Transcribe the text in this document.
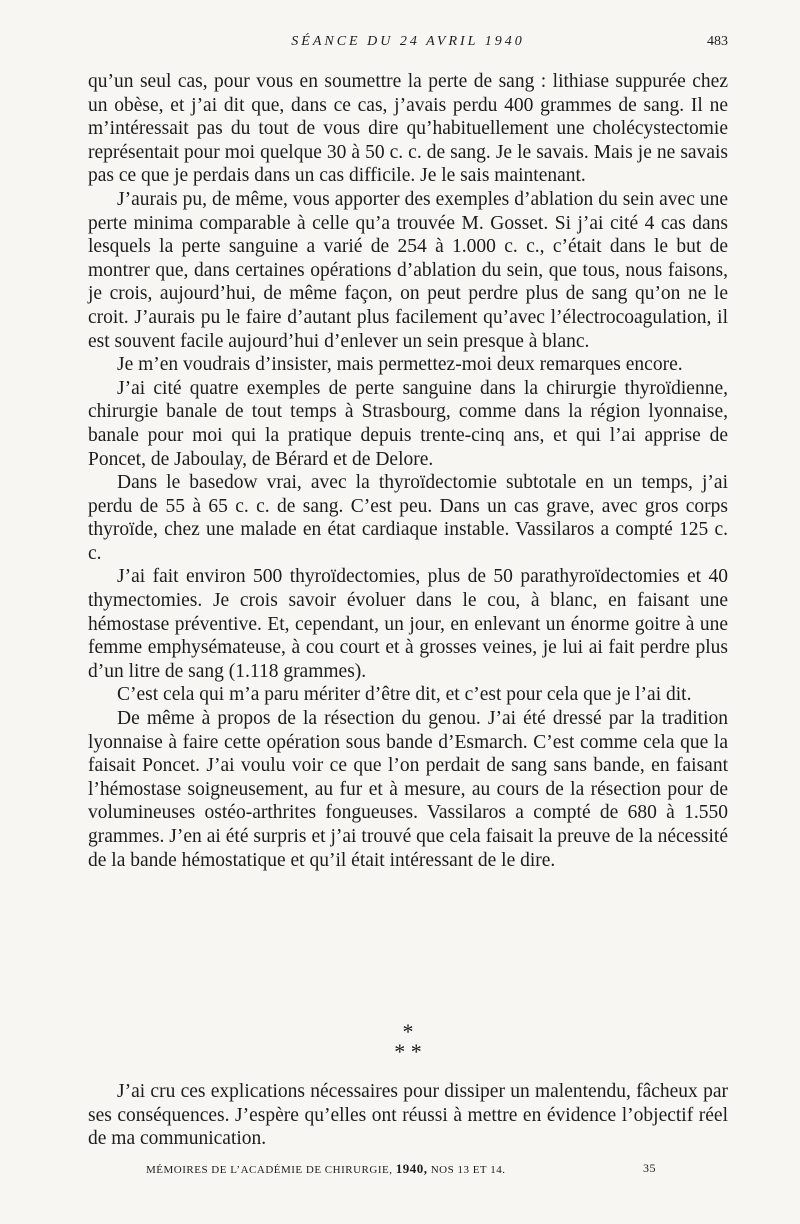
SÉANCE DU 24 AVRIL 1940	483

qu’un seul cas, pour vous en soumettre la perte de sang : lithiase suppurée chez un obèse, et j’ai dit que, dans ce cas, j’avais perdu 400 grammes de sang. Il ne m’intéressait pas du tout de vous dire qu’habituellement une cholécystectomie représentait pour moi quelque 30 à 50 c. c. de sang. Je le savais. Mais je ne savais pas ce que je perdais dans un cas difficile. Je le sais maintenant.

J’aurais pu, de même, vous apporter des exemples d’ablation du sein avec une perte minima comparable à celle qu’a trouvée M. Gosset. Si j’ai cité 4 cas dans lesquels la perte sanguine a varié de 254 à 1.000 c. c., c’était dans le but de montrer que, dans certaines opérations d’ablation du sein, que tous, nous faisons, je crois, aujourd’hui, de même façon, on peut perdre plus de sang qu’on ne le croit. J’aurais pu le faire d’autant plus facilement qu’avec l’électrocoagulation, il est souvent facile aujourd’hui d’enlever un sein presque à blanc.

Je m’en voudrais d’insister, mais permettez-moi deux remarques encore.

J’ai cité quatre exemples de perte sanguine dans la chirurgie thyroïdienne, chirurgie banale de tout temps à Strasbourg, comme dans la région lyonnaise, banale pour moi qui la pratique depuis trente-cinq ans, et qui l’ai apprise de Poncet, de Jaboulay, de Bérard et de Delore.

Dans le basedow vrai, avec la thyroïdectomie subtotale en un temps, j’ai perdu de 55 à 65 c. c. de sang. C’est peu. Dans un cas grave, avec gros corps thyroïde, chez une malade en état cardiaque instable. Vassilaros a compté 125 c. c.

J’ai fait environ 500 thyroïdectomies, plus de 50 parathyroïdectomies et 40 thymectomies. Je crois savoir évoluer dans le cou, à blanc, en faisant une hémostase préventive. Et, cependant, un jour, en enlevant un énorme goitre à une femme emphysémateuse, à cou court et à grosses veines, je lui ai fait perdre plus d’un litre de sang (1.118 grammes).

C’est cela qui m’a paru mériter d’être dit, et c’est pour cela que je l’ai dit.

De même à propos de la résection du genou. J’ai été dressé par la tradition lyonnaise à faire cette opération sous bande d’Esmarch. C’est comme cela que la faisait Poncet. J’ai voulu voir ce que l’on perdait de sang sans bande, en faisant l’hémostase soigneusement, au fur et à mesure, au cours de la résection pour de volumineuses ostéo-arthrites fongueuses. Vassilaros a compté de 680 à 1.550 grammes. J’en ai été surpris et j’ai trouvé que cela faisait la preuve de la nécessité de la bande hémostatique et qu’il était intéressant de le dire.

*
* *

J’ai cru ces explications nécessaires pour dissiper un malentendu, fâcheux par ses conséquences. J’espère qu’elles ont réussi à mettre en évidence l’objectif réel de ma communication.

MÉMOIRES DE L’ACADÉMIE DE CHIRURGIE, 1940, NOS 13 ET 14.	35
